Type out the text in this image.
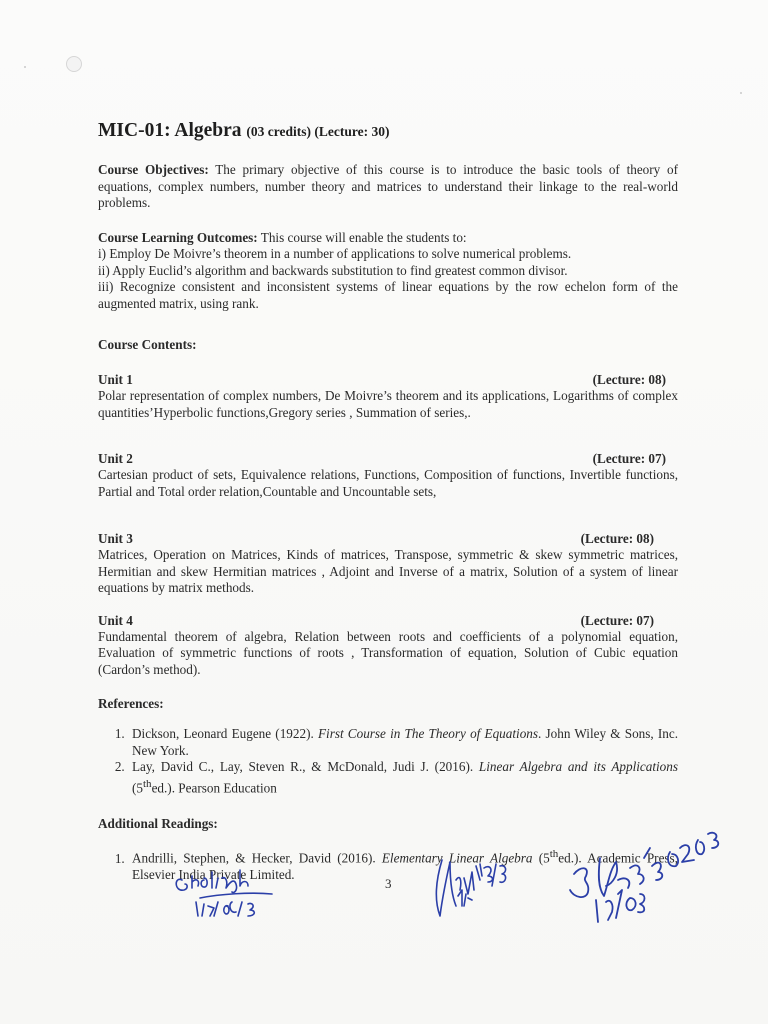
MIC-01: Algebra (03 credits) (Lecture: 30)

Course Objectives: The primary objective of this course is to introduce the basic tools of theory of equations, complex numbers, number theory and matrices to understand their linkage to the real-world problems.

Course Learning Outcomes: This course will enable the students to:

i) Employ De Moivre’s theorem in a number of applications to solve numerical problems.

ii) Apply Euclid’s algorithm and backwards substitution to find greatest common divisor.

iii) Recognize consistent and inconsistent systems of linear equations by the row echelon form of the augmented matrix, using rank.

Course Contents:
Unit 1	(Lecture: 08)

Polar representation of complex numbers, De Moivre’s theorem and its applications, Logarithms of complex quantities’Hyperbolic functions,Gregory series , Summation of series,.

Unit 2	(Lecture: 07)

Cartesian product of sets, Equivalence relations, Functions, Composition of functions, Invertible functions, Partial and Total order relation,Countable and Uncountable sets,

Unit 3	(Lecture: 08)

Matrices, Operation on Matrices, Kinds of matrices, Transpose, symmetric & skew symmetric matrices, Hermitian and skew Hermitian matrices , Adjoint and Inverse of a matrix, Solution of a system of linear equations by matrix methods.

Unit 4	(Lecture: 07)

Fundamental theorem of algebra, Relation between roots and coefficients of a polynomial equation, Evaluation of symmetric functions of roots , Transformation of equation, Solution of Cubic equation (Cardon’s method).

References:
1. Dickson, Leonard Eugene (1922). First Course in The Theory of Equations. John Wiley & Sons, Inc. New York.
2. Lay, David C., Lay, Steven R., & McDonald, Judi J. (2016). Linear Algebra and its Applications (5thed.). Pearson Education
Additional Readings:
1. Andrilli, Stephen, & Hecker, David (2016). Elementary Linear Algebra (5thed.). Academic Press, Elsevier India Private Limited.
3
